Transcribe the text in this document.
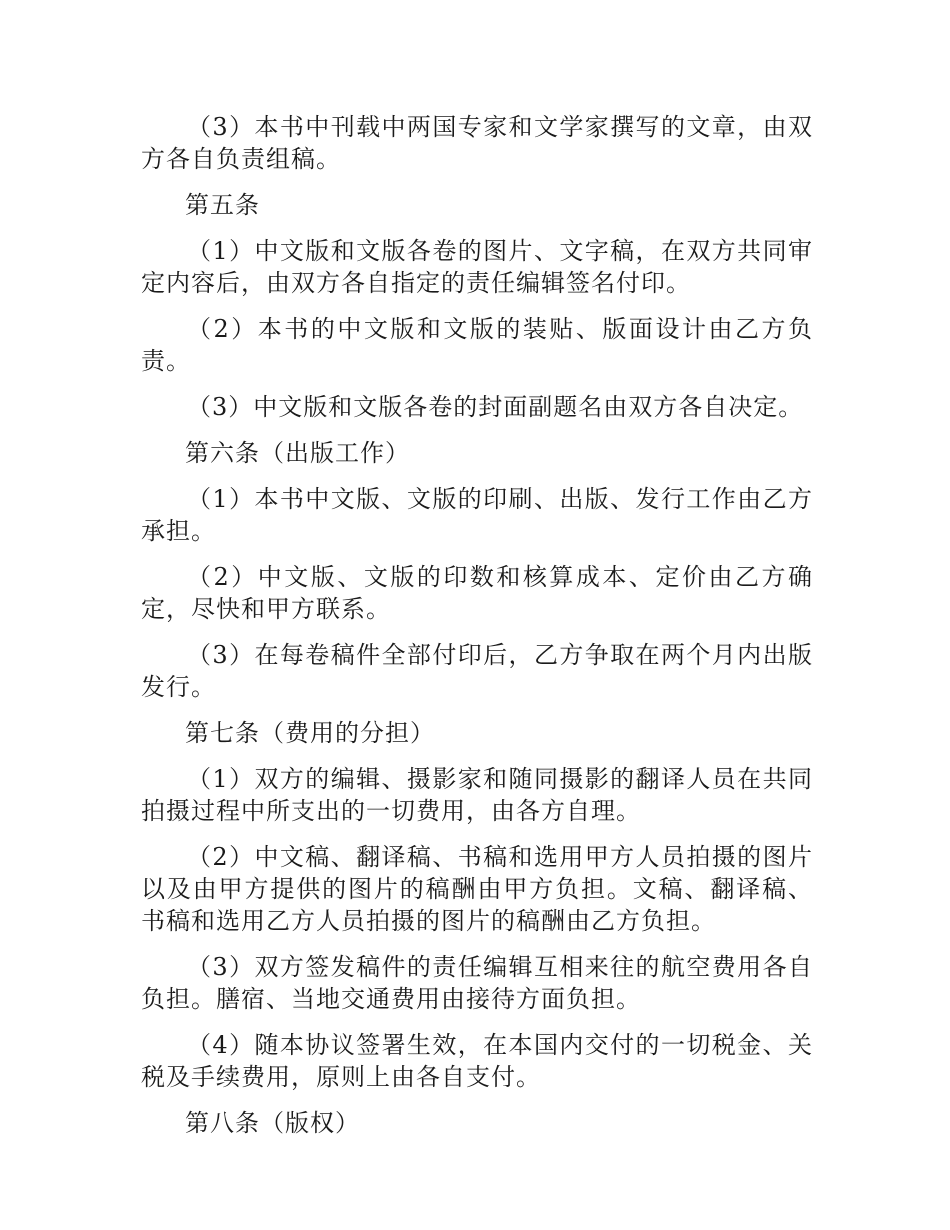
（3）本书中刊载中两国专家和文学家撰写的文章，由双方各自负责组稿。

第五条

（1）中文版和文版各卷的图片、文字稿，在双方共同审定内容后，由双方各自指定的责任编辑签名付印。

（2）本书的中文版和文版的装贴、版面设计由乙方负责。

（3）中文版和文版各卷的封面副题名由双方各自决定。

第六条（出版工作）

（1）本书中文版、文版的印刷、出版、发行工作由乙方承担。

（2）中文版、文版的印数和核算成本、定价由乙方确定，尽快和甲方联系。

（3）在每卷稿件全部付印后，乙方争取在两个月内出版发行。

第七条（费用的分担）

（1）双方的编辑、摄影家和随同摄影的翻译人员在共同拍摄过程中所支出的一切费用，由各方自理。

（2）中文稿、翻译稿、书稿和选用甲方人员拍摄的图片以及由甲方提供的图片的稿酬由甲方负担。文稿、翻译稿、书稿和选用乙方人员拍摄的图片的稿酬由乙方负担。

（3）双方签发稿件的责任编辑互相来往的航空费用各自负担。膳宿、当地交通费用由接待方面负担。

（4）随本协议签署生效，在本国内交付的一切税金、关税及手续费用，原则上由各自支付。

第八条（版权）
